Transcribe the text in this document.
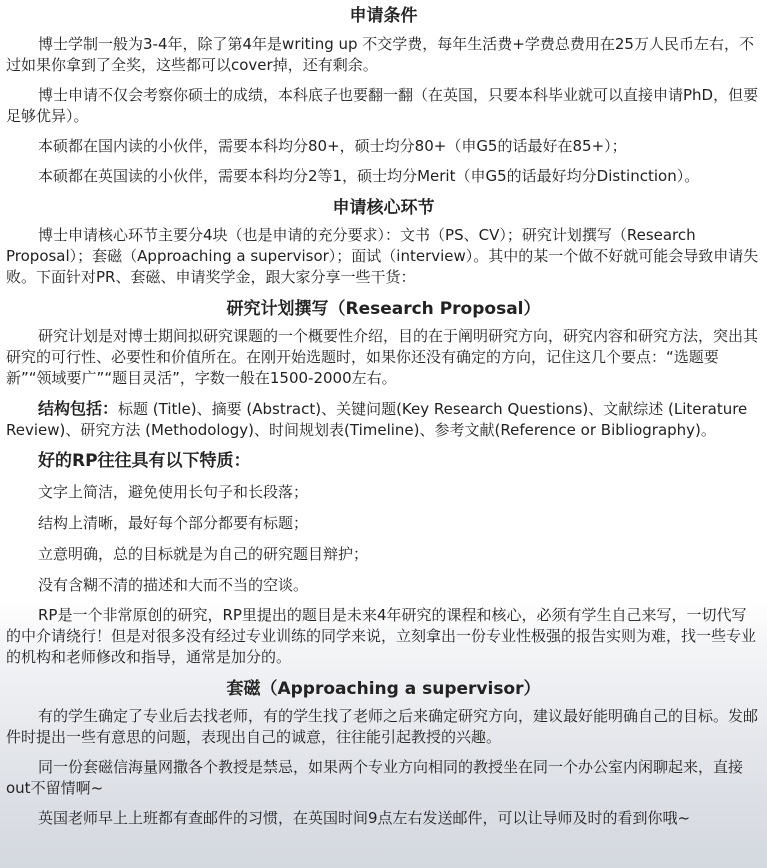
申请条件

博士学制一般为3-4年，除了第4年是writing up 不交学费，每年生活费+学费总费用在25万人民币左右，不过如果你拿到了全奖，这些都可以cover掉，还有剩余。

博士申请不仅会考察你硕士的成绩，本科底子也要翻一翻（在英国，只要本科毕业就可以直接申请PhD，但要足够优异）。

本硕都在国内读的小伙伴，需要本科均分80+，硕士均分80+（申G5的话最好在85+）；

本硕都在英国读的小伙伴，需要本科均分2等1，硕士均分Merit（申G5的话最好均分Distinction）。

申请核心环节

博士申请核心环节主要分4块（也是申请的充分要求）：文书（PS、CV）；研究计划撰写（Research Proposal）；套磁（Approaching a supervisor）；面试（interview）。其中的某一个做不好就可能会导致申请失败。下面针对PR、套磁、申请奖学金，跟大家分享一些干货：

研究计划撰写（Research Proposal）

研究计划是对博士期间拟研究课题的一个概要性介绍，目的在于阐明研究方向，研究内容和研究方法，突出其研究的可行性、必要性和价值所在。在刚开始选题时，如果你还没有确定的方向，记住这几个要点：“选题要新”“领域要广”“题目灵活”，字数一般在1500-2000左右。

结构包括：标题 (Title)、摘要 (Abstract)、关键问题(Key Research Questions)、文献综述 (Literature Review)、研究方法 (Methodology)、时间规划表(Timeline)、参考文献(Reference or Bibliography)。

好的RP往往具有以下特质：

文字上简洁，避免使用长句子和长段落；

结构上清晰，最好每个部分都要有标题；

立意明确，总的目标就是为自己的研究题目辩护；

没有含糊不清的描述和大而不当的空谈。

RP是一个非常原创的研究，RP里提出的题目是未来4年研究的课程和核心，必须有学生自己来写，一切代写的中介请绕行！但是对很多没有经过专业训练的同学来说，立刻拿出一份专业性极强的报告实则为难，找一些专业的机构和老师修改和指导，通常是加分的。

套磁（Approaching a supervisor）

有的学生确定了专业后去找老师，有的学生找了老师之后来确定研究方向，建议最好能明确自己的目标。发邮件时提出一些有意思的问题，表现出自己的诚意，往往能引起教授的兴趣。

同一份套磁信海量网撒各个教授是禁忌，如果两个专业方向相同的教授坐在同一个办公室内闲聊起来，直接out不留情啊~

英国老师早上上班都有查邮件的习惯，在英国时间9点左右发送邮件，可以让导师及时的看到你哦~
